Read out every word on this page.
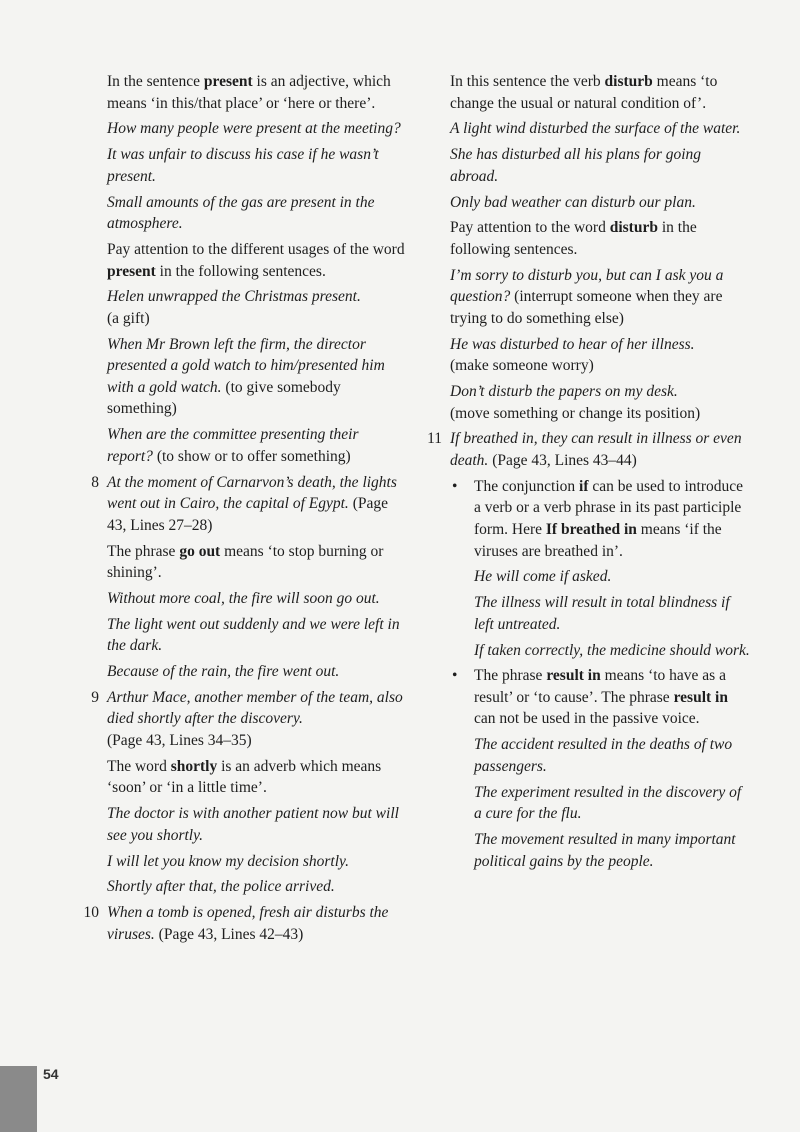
In the sentence present is an adjective, which means ‘in this/that place’ or ‘here or there’.
How many people were present at the meeting?
It was unfair to discuss his case if he wasn’t present.
Small amounts of the gas are present in the atmosphere.
Pay attention to the different usages of the word present in the following sentences.
Helen unwrapped the Christmas present.
(a gift)
When Mr Brown left the firm, the director presented a gold watch to him/presented him with a gold watch. (to give somebody something)
When are the committee presenting their report? (to show or to offer something)
8 At the moment of Carnarvon’s death, the lights went out in Cairo, the capital of Egypt. (Page 43, Lines 27–28)
The phrase go out means ‘to stop burning or shining’.
Without more coal, the fire will soon go out.
The light went out suddenly and we were left in the dark.
Because of the rain, the fire went out.
9 Arthur Mace, another member of the team, also died shortly after the discovery.
(Page 43, Lines 34–35)
The word shortly is an adverb which means ‘soon’ or ‘in a little time’.
The doctor is with another patient now but will see you shortly.
I will let you know my decision shortly.
Shortly after that, the police arrived.
10 When a tomb is opened, fresh air disturbs the viruses. (Page 43, Lines 42–43)
In this sentence the verb disturb means ‘to change the usual or natural condition of’.
A light wind disturbed the surface of the water.
She has disturbed all his plans for going abroad.
Only bad weather can disturb our plan.
Pay attention to the word disturb in the following sentences.
I’m sorry to disturb you, but can I ask you a question? (interrupt someone when they are trying to do something else)
He was disturbed to hear of her illness.
(make someone worry)
Don’t disturb the papers on my desk.
(move something or change its position)
11 If breathed in, they can result in illness or even death. (Page 43, Lines 43–44)
• The conjunction if can be used to introduce a verb or a verb phrase in its past participle form. Here If breathed in means ‘if the viruses are breathed in’.
He will come if asked.
The illness will result in total blindness if left untreated.
If taken correctly, the medicine should work.
• The phrase result in means ‘to have as a result’ or ‘to cause’. The phrase result in can not be used in the passive voice.
The accident resulted in the deaths of two passengers.
The experiment resulted in the discovery of a cure for the flu.
The movement resulted in many important political gains by the people.
54
